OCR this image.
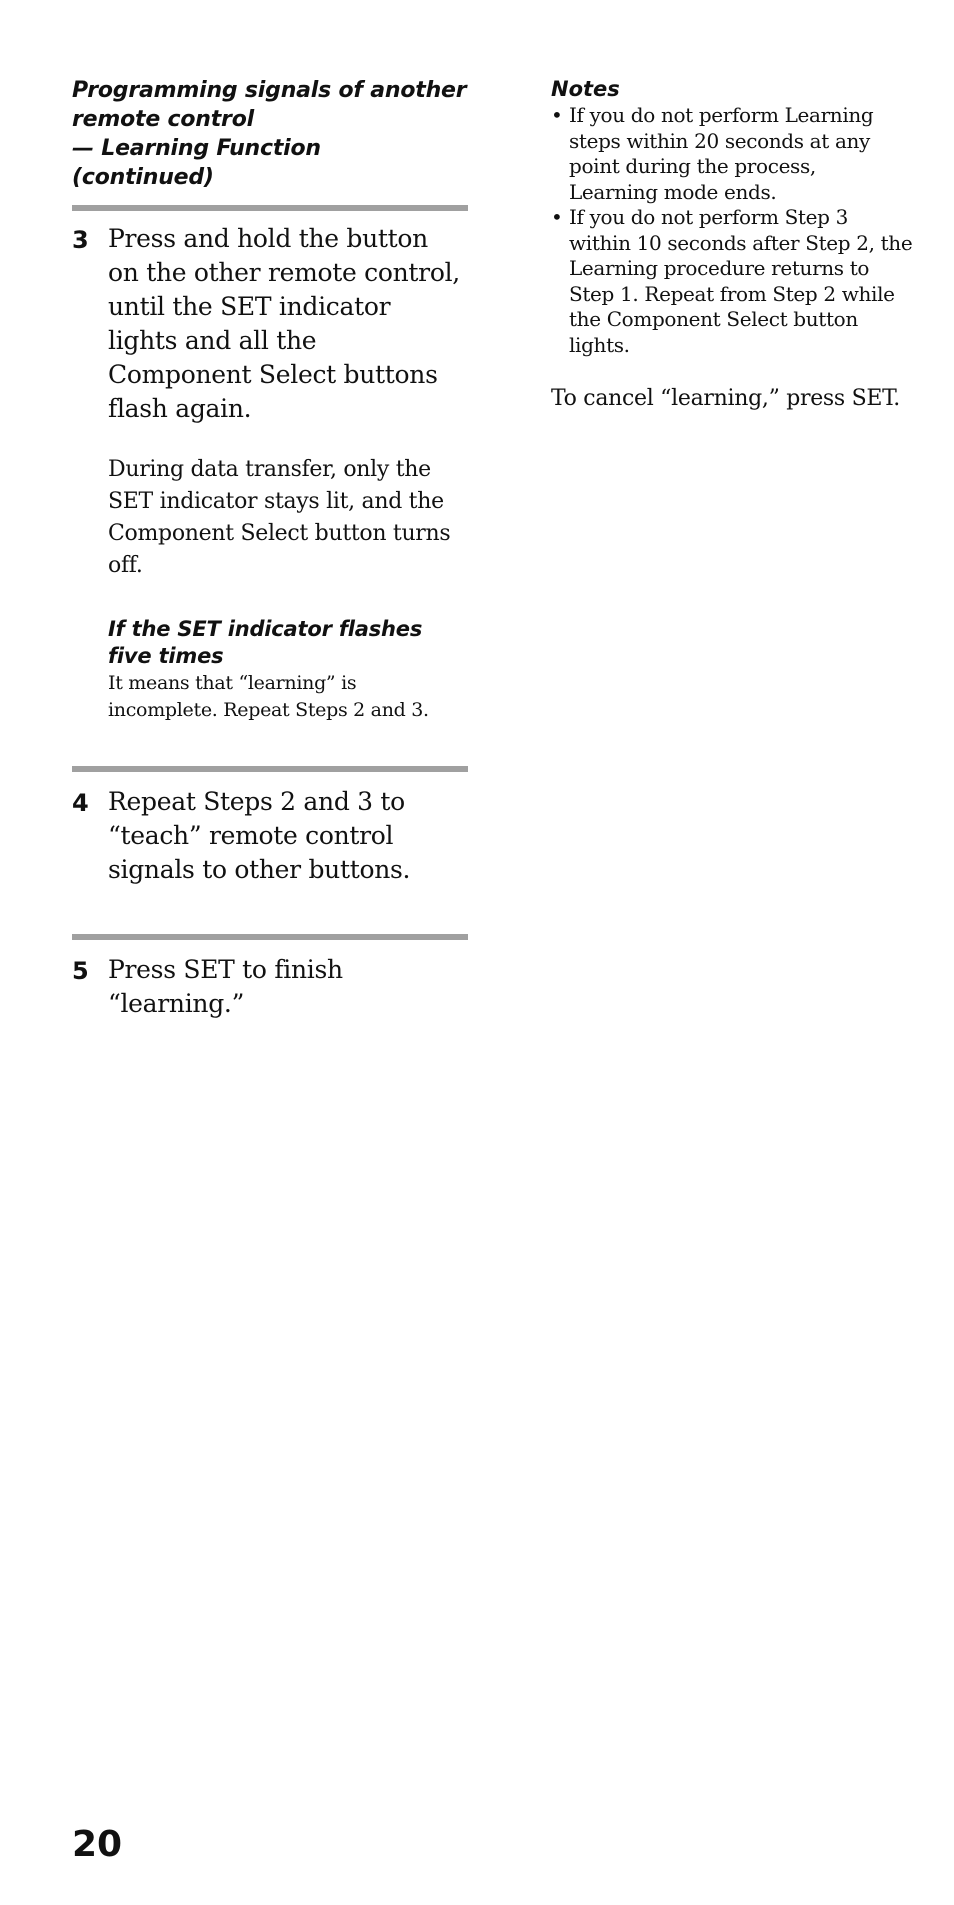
Programming signals of another
remote control
— Learning Function (continued)
3 Press and hold the button
on the other remote control,
until the SET indicator
lights and all the
Component Select buttons
flash again.
During data transfer, only the
SET indicator stays lit, and the
Component Select button turns
off.
If the SET indicator flashes
five times
It means that “learning” is
incomplete. Repeat Steps 2 and 3.
4 Repeat Steps 2 and 3 to
“teach” remote control
signals to other buttons.
5 Press SET to finish
“learning.”
Notes
• If you do not perform Learning
steps within 20 seconds at any
point during the process,
Learning mode ends.
• If you do not perform Step 3
within 10 seconds after Step 2, the
Learning procedure returns to
Step 1. Repeat from Step 2 while
the Component Select button
lights.
To cancel “learning,” press SET.
20
